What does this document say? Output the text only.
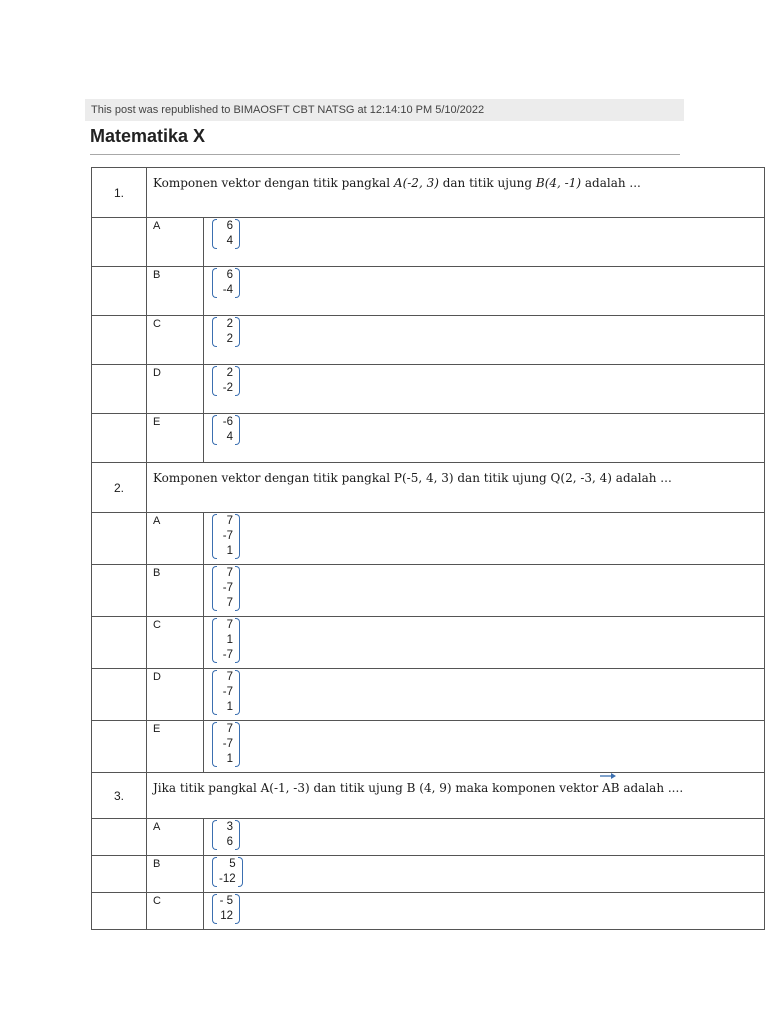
This post was republished to BIMAOSFT CBT NATSG at 12:14:10 PM 5/10/2022
Matematika X
1.	Komponen vektor dengan titik pangkal A(-2, 3) dan titik ujung B(4, -1) adalah ...	
	A	6
4

	B	6
-4

	C	2
2

	D	2
-2

	E	-6
4

2.	Komponen vektor dengan titik pangkal P(-5, 4, 3) dan titik ujung Q(2, -3, 4) adalah ...	
	A	7
-7
1

	B	7
-7
7

	C	7
1
-7

	D	7
-7
1

	E	7
-7
1

3.	Jika titik pangkal A(-1, -3) dan titik ujung B (4, 9) maka komponen vektor
AB adalah ....	
	A	3
6

	B	5
-12

	C	- 5
12
